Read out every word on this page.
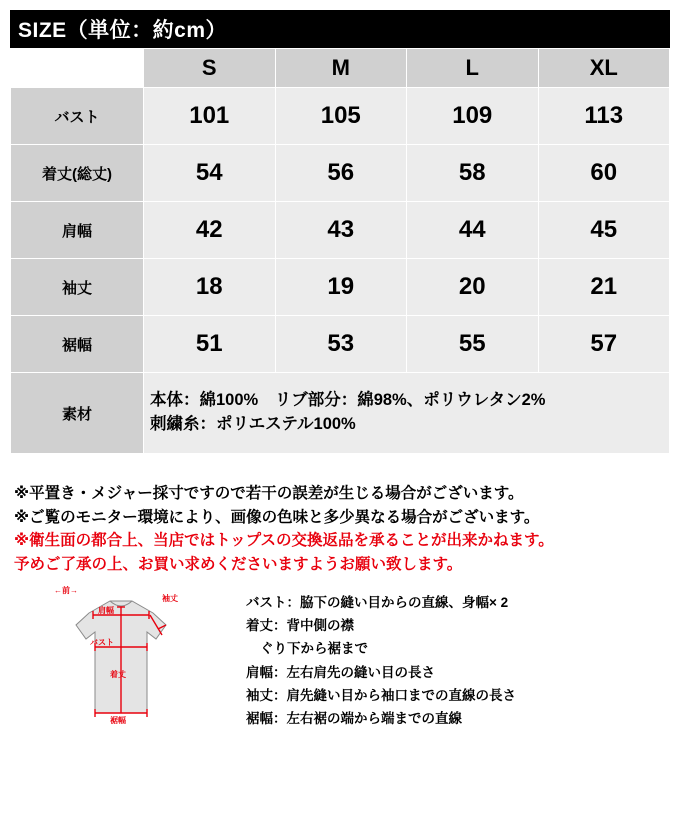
SIZE（単位：約cm）
	S	M	L	XL
バスト	101	105	109	113
着丈(総丈)	54	56	58	60
肩幅	42	43	44	45
袖丈	18	19	20	21
裾幅	51	53	55	57
素材	本体：綿100%　リブ部分：綿98%、ポリウレタン2%
刺繍糸：ポリエステル100%			
※平置き・メジャー採寸ですので若干の誤差が生じる場合がございます。
※ご覧のモニター環境により、画像の色味と多少異なる場合がございます。
※衛生面の都合上、当店ではトップスの交換返品を承ることが出来かねます。
予めご了承の上、お買い求めくださいますようお願い致します。
←前→
バスト
着丈
肩幅
袖丈
裾幅
バスト：脇下の縫い目からの直線、身幅× 2
着丈：背中側の襟
ぐり下から裾まで
肩幅：左右肩先の縫い目の長さ
袖丈：肩先縫い目から袖口までの直線の長さ
裾幅：左右裾の端から端までの直線
